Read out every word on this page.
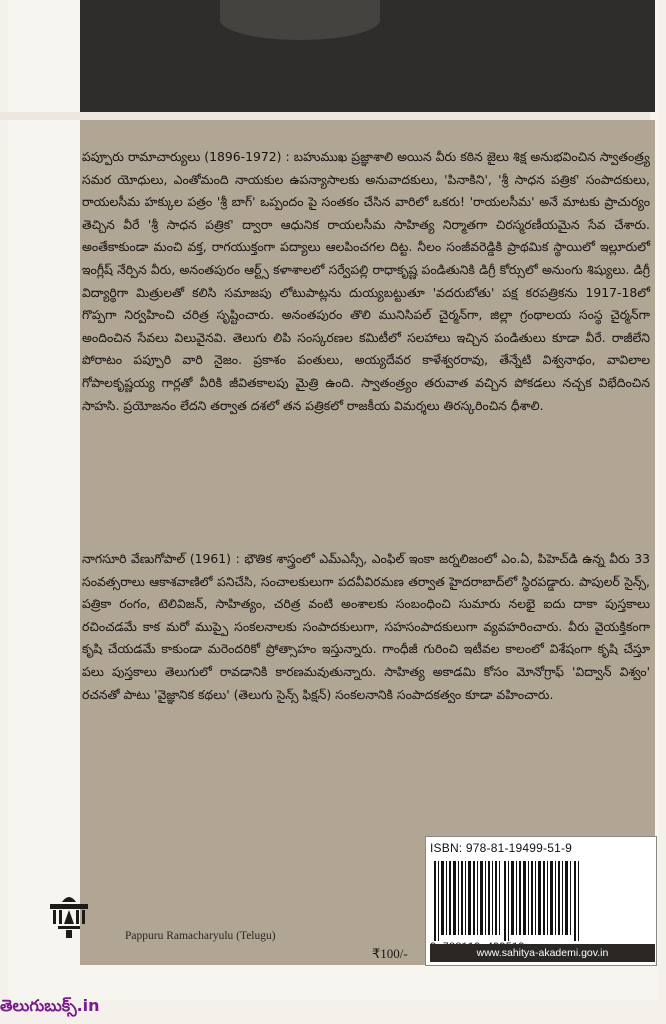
పప్పూరు రామాచార్యులు (1896-1972) : బహుముఖ ప్రజ్ఞాశాలి అయిన వీరు కఠిన జైలు శిక్ష అనుభవించిన స్వాతంత్ర్య సమర యోధులు, ఎంతోమంది నాయకుల ఉపన్యాసాలకు అనువాదకులు, 'పినాకిని', 'శ్రీ సాధన పత్రిక' సంపాదకులు, రాయలసీమ హక్కుల పత్రం 'శ్రీ బాగ్' ఒప్పందం పై సంతకం చేసిన వారిలో ఒకరు! 'రాయలసీమ' అనే మాటకు ప్రాచుర్యం తెచ్చిన వీరే 'శ్రీ సాధన పత్రిక' ద్వారా ఆధునిక రాయలసీమ సాహిత్య నిర్మాతగా చిరస్మరణీయమైన సేవ చేశారు. అంతేకాకుండా మంచి వక్త, రాగయుక్తంగా పద్యాలు ఆలపించగల దిట్ట. నీలం సంజీవరెడ్డికి ప్రాథమిక స్థాయిలో ఇల్లూరులో ఇంగ్లీష్ నేర్పిన వీరు, అనంతపురం ఆర్ట్స్ కళాశాలలో సర్వేపల్లి రాధాకృష్ణ పండితునికి డిగ్రీ కోర్సులో అనుంగు శిష్యులు. డిగ్రీ విద్యార్థిగా మిత్రులతో కలిసి సమాజపు లోటుపాట్లను దుయ్యబట్టుతూ 'వదరుబోతు' పక్ష కరపత్రికను 1917-18లో గొప్పగా నిర్వహించి చరిత్ర సృష్టించారు. అనంతపురం తొలి మునిసిపల్ చైర్మన్‌గా, జిల్లా గ్రంథాలయ సంస్థ చైర్మన్‌గా అందించిన సేవలు విలువైనవి. తెలుగు లిపి సంస్కరణల కమిటీలో సలహాలు ఇచ్చిన పండితులు కూడా వీరే. రాజీలేని పోరాటం పప్పూరి వారి నైజం. ప్రకాశం పంతులు, అయ్యదేవర కాళేశ్వరరావు, తేన్నేటి విశ్వనాథం, వావిలాల గోపాలకృష్ణయ్య గార్లతో వీరికి జీవితకాలపు మైత్రి ఉంది. స్వాతంత్ర్యం తరువాత వచ్చిన పోకడలు నచ్చక విభేదించిన సాహసి. ప్రయోజనం లేదని తర్వాత దశలో తన పత్రికలో రాజకీయ విమర్శలు తిరస్కరించిన ధీశాలి.
నాగసూరి వేణుగోపాల్ (1961) : భౌతిక శాస్త్రంలో ఎమ్‌ఎస్సీ, ఎంఫిల్ ఇంకా జర్నలిజంలో ఎం.ఏ, పిహెచ్‌డి ఉన్న వీరు 33 సంవత్సరాలు ఆకాశవాణిలో పనిచేసి, సంచాలకులుగా పదవీవిరమణ తర్వాత హైదరాబాద్‌లో స్థిరపడ్డారు. పాపులర్ సైన్స్, పత్రికా రంగం, టెలివిజన్, సాహిత్యం, చరిత్ర వంటి అంశాలకు సంబంధించి సుమారు నలభై ఐదు దాకా పుస్తకాలు రచించడమే కాక మరో ముప్పై సంకలనాలకు సంపాదకులుగా, సహసంపాదకులుగా వ్యవహరించారు. వీరు వైయక్తికంగా కృషి చేయడమే కాకుండా మరెందరికో ప్రోత్సాహం ఇస్తున్నారు. గాంధీజీ గురించి ఇటీవల కాలంలో విశేషంగా కృషి చేస్తూ పలు పుస్తకాలు తెలుగులో రావడానికి కారణమవుతున్నారు. సాహిత్య అకాడమి కోసం మోనోగ్రాఫ్ 'విద్వాన్ విశ్వం' రచనతో పాటు 'వైజ్ఞానిక కథలు' (తెలుగు సైన్స్ ఫిక్షన్) సంకలనానికి సంపాదకత్వం కూడా వహించారు.
ISBN: 978-81-19499-51-9
www.sahitya-akademi.gov.in
Pappuru Ramacharyulu (Telugu)
₹100/-
తెలుగుబుక్స్.in
